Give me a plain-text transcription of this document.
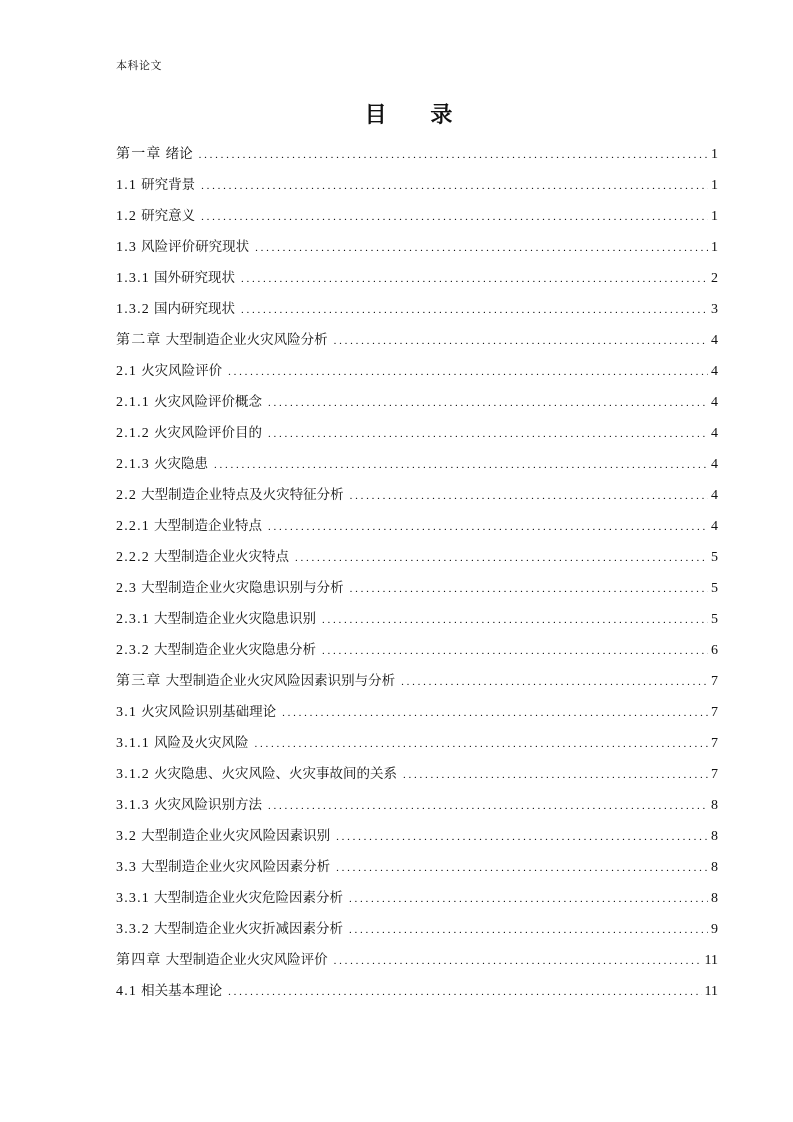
本科论文
目 录
第一章 绪论 . . .	1
1.1 研究背景 . . .	1
1.2 研究意义 . . .	1
1.3 风险评价研究现状 . . .	1
1.3.1 国外研究现状 . . .	2
1.3.2 国内研究现状 . . .	3
第二章 大型制造企业火灾风险分析 . . .	4
2.1 火灾风险评价 . . .	4
2.1.1 火灾风险评价概念 . . .	4
2.1.2 火灾风险评价目的 . . .	4
2.1.3 火灾隐患 . . .	4
2.2 大型制造企业特点及火灾特征分析 . . .	4
2.2.1 大型制造企业特点 . . .	4
2.2.2 大型制造企业火灾特点 . . .	5
2.3 大型制造企业火灾隐患识别与分析 . . .	5
2.3.1 大型制造企业火灾隐患识别 . . .	5
2.3.2 大型制造企业火灾隐患分析 . . .	6
第三章 大型制造企业火灾风险因素识别与分析 . . .	7
3.1 火灾风险识别基础理论 . . .	7
3.1.1 风险及火灾风险 . . .	7
3.1.2 火灾隐患、火灾风险、火灾事故间的关系 . . .	7
3.1.3 火灾风险识别方法 . . .	8
3.2 大型制造企业火灾风险因素识别 . . .	8
3.3 大型制造企业火灾风险因素分析 . . .	8
3.3.1 大型制造企业火灾危险因素分析 . . .	8
3.3.2 大型制造企业火灾折减因素分析 . . .	9
第四章 大型制造企业火灾风险评价 . . .	11
4.1 相关基本理论 . . .	11
